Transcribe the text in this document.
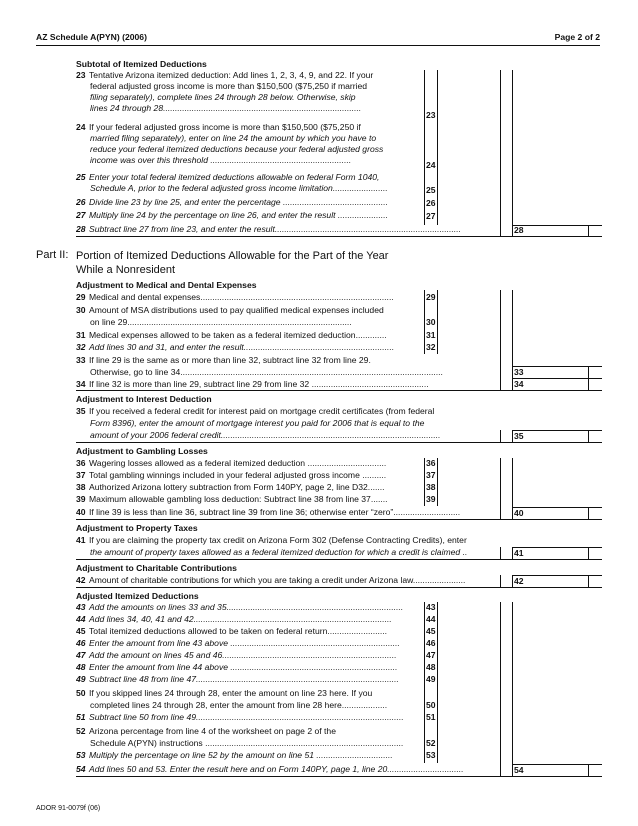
AZ Schedule A(PYN) (2006)	Page 2 of 2
Subtotal of Itemized Deductions
23 Tentative Arizona itemized deduction: Add lines 1, 2, 3, 4, 9, and 22. If your
federal adjusted gross income is more than $150,500 ($75,250 if married
filing separately), complete lines 24 through 28 below. Otherwise, skip
lines 24 through 28...................................................................................
23
24 If your federal adjusted gross income is more than $150,500 ($75,250 if
married filing separately), enter on line 24 the amount by which you have to
reduce your federal itemized deductions because your federal adjusted gross
income was over this threshold ...........................................................	24
25 Enter your total federal itemized deductions allowable on federal Form 1040,
Schedule A, prior to the federal adjusted gross income limitation.......................	25
26 Divide line 23 by line 25, and enter the percentage ............................................	26
27 Multiply line 24 by the percentage on line 26, and enter the result .....................	27
28 Subtract line 27 from line 23, and enter the result..............................................................................	28
Part II: Portion of Itemized Deductions Allowable for the Part of the Year
While a Nonresident
Adjustment to Medical and Dental Expenses
29 Medical and dental expenses.................................................................................	29
30 Amount of MSA distributions used to pay qualified medical expenses included
on line 29..............................................................................................	30
31 Medical expenses allowed to be taken as a federal itemized deduction.............	31
32 Add lines 30 and 31, and enter the result...............................................................	32
33 If line 29 is the same as or more than line 32, subtract line 32 from line 29.
Otherwise, go to line 34..............................................................................................................	33
34 If line 32 is more than line 29, subtract line 29 from line 32 .................................................	34
Adjustment to Interest Deduction
35 If you received a federal credit for interest paid on mortgage credit certificates (from federal
Form 8396), enter the amount of mortgage interest you paid for 2006 that is equal to the
amount of your 2006 federal credit............................................................................................	35
Adjustment to Gambling Losses
36 Wagering losses allowed as a federal itemized deduction .................................	36
37 Total gambling winnings included in your federal adjusted gross income ..........	37
38 Authorized Arizona lottery subtraction from Form 140PY, page 2, line D32.......	38
39 Maximum allowable gambling loss deduction: Subtract line 38 from line 37.......	39
40 If line 39 is less than line 36, subtract line 39 from line 36; otherwise enter “zero”............................	40
Adjustment to Property Taxes
41 If you are claiming the property tax credit on Arizona Form 302 (Defense Contracting Credits), enter
the amount of property taxes allowed as a federal itemized deduction for which a credit is claimed ..	41
Adjustment to Charitable Contributions
42 Amount of charitable contributions for which you are taking a credit under Arizona law......................	42
Adjusted Itemized Deductions
43 Add the amounts on lines 33 and 35..........................................................................	43
44 Add lines 34, 40, 41 and 42...................................................................................	44
45 Total itemized deductions allowed to be taken on federal return.........................	45
46 Enter the amount from line 43 above .......................................................................	46
47 Add the amount on lines 45 and 46.........................................................................	47
48 Enter the amount from line 44 above ......................................................................	48
49 Subtract line 48 from line 47.....................................................................................	49
50 If you skipped lines 24 through 28, enter the amount on line 23 here. If you
completed lines 24 through 28, enter the amount from line 28 here...................	50
51 Subtract line 50 from line 49.......................................................................................	51
52 Arizona percentage from line 4 of the worksheet on page 2 of the
Schedule A(PYN) instructions ...................................................................................	52
53 Multiply the percentage on line 52 by the amount on line 51 ................................	53
54 Add lines 50 and 53. Enter the result here and on Form 140PY, page 1, line 20................................	54
ADOR 91-0079f (06)
